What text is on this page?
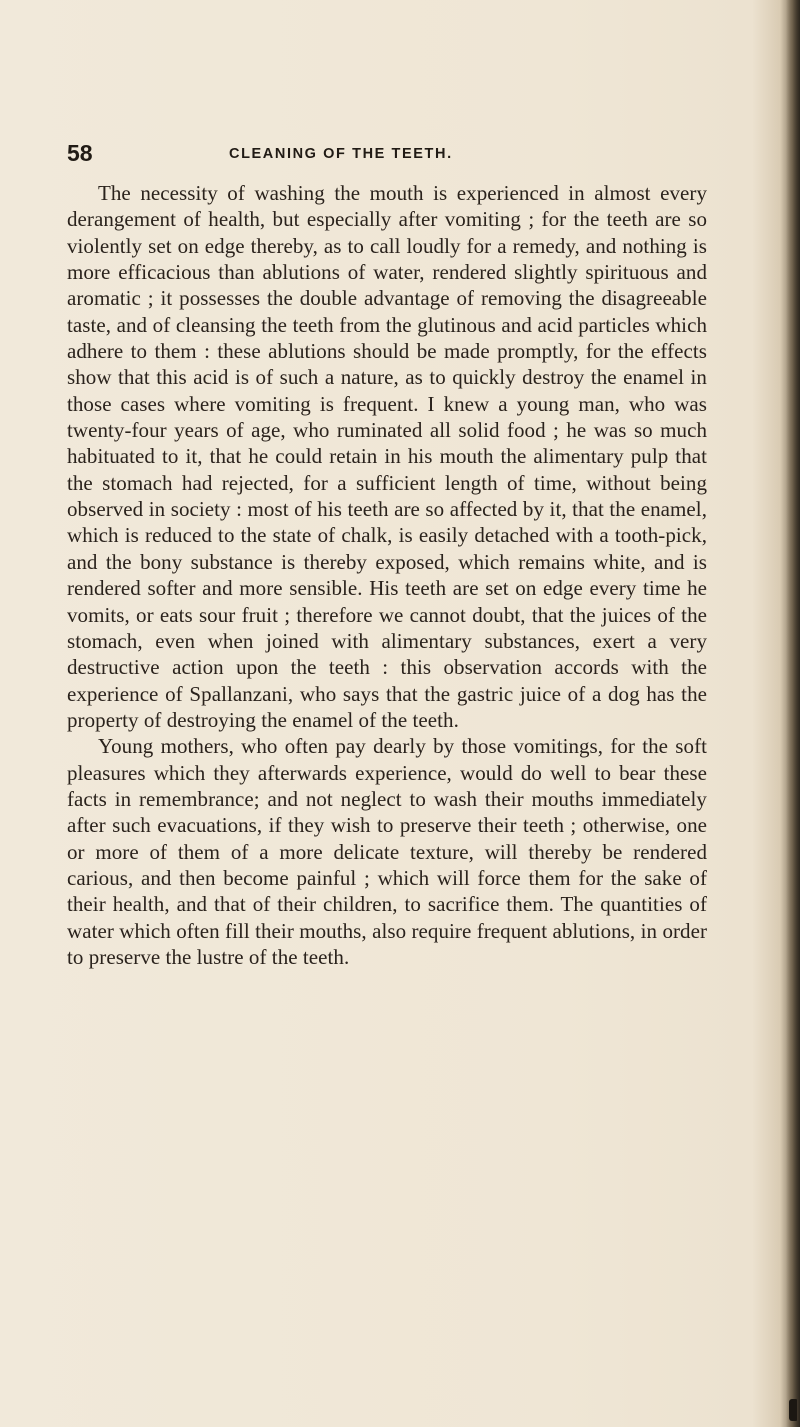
58	CLEANING OF THE TEETH.

The necessity of washing the mouth is experienced in almost every derangement of health, but especially after vomiting ; for the teeth are so violently set on edge thereby, as to call loudly for a remedy, and nothing is more efficacious than ablutions of water, rendered slightly spirituous and aromatic ; it possesses the double advantage of removing the disagreeable taste, and of cleansing the teeth from the glutinous and acid particles which adhere to them : these ablutions should be made promptly, for the effects show that this acid is of such a nature, as to quickly destroy the enamel in those cases where vomiting is frequent. I knew a young man, who was twenty-four years of age, who ruminated all solid food ; he was so much habituated to it, that he could retain in his mouth the alimentary pulp that the stomach had rejected, for a sufficient length of time, without being observed in society : most of his teeth are so affected by it, that the enamel, which is reduced to the state of chalk, is easily detached with a tooth-pick, and the bony substance is thereby exposed, which remains white, and is rendered softer and more sensible. His teeth are set on edge every time he vomits, or eats sour fruit ; therefore we cannot doubt, that the juices of the stomach, even when joined with alimentary substances, exert a very destructive action upon the teeth : this observation accords with the experience of Spallanzani, who says that the gastric juice of a dog has the property of destroying the enamel of the teeth.

Young mothers, who often pay dearly by those vomitings, for the soft pleasures which they afterwards experience, would do well to bear these facts in remembrance; and not neglect to wash their mouths immediately after such evacuations, if they wish to preserve their teeth ; otherwise, one or more of them of a more delicate texture, will thereby be rendered carious, and then become painful ; which will force them for the sake of their health, and that of their children, to sacrifice them. The quantities of water which often fill their mouths, also require frequent ablutions, in order to preserve the lustre of the teeth.
